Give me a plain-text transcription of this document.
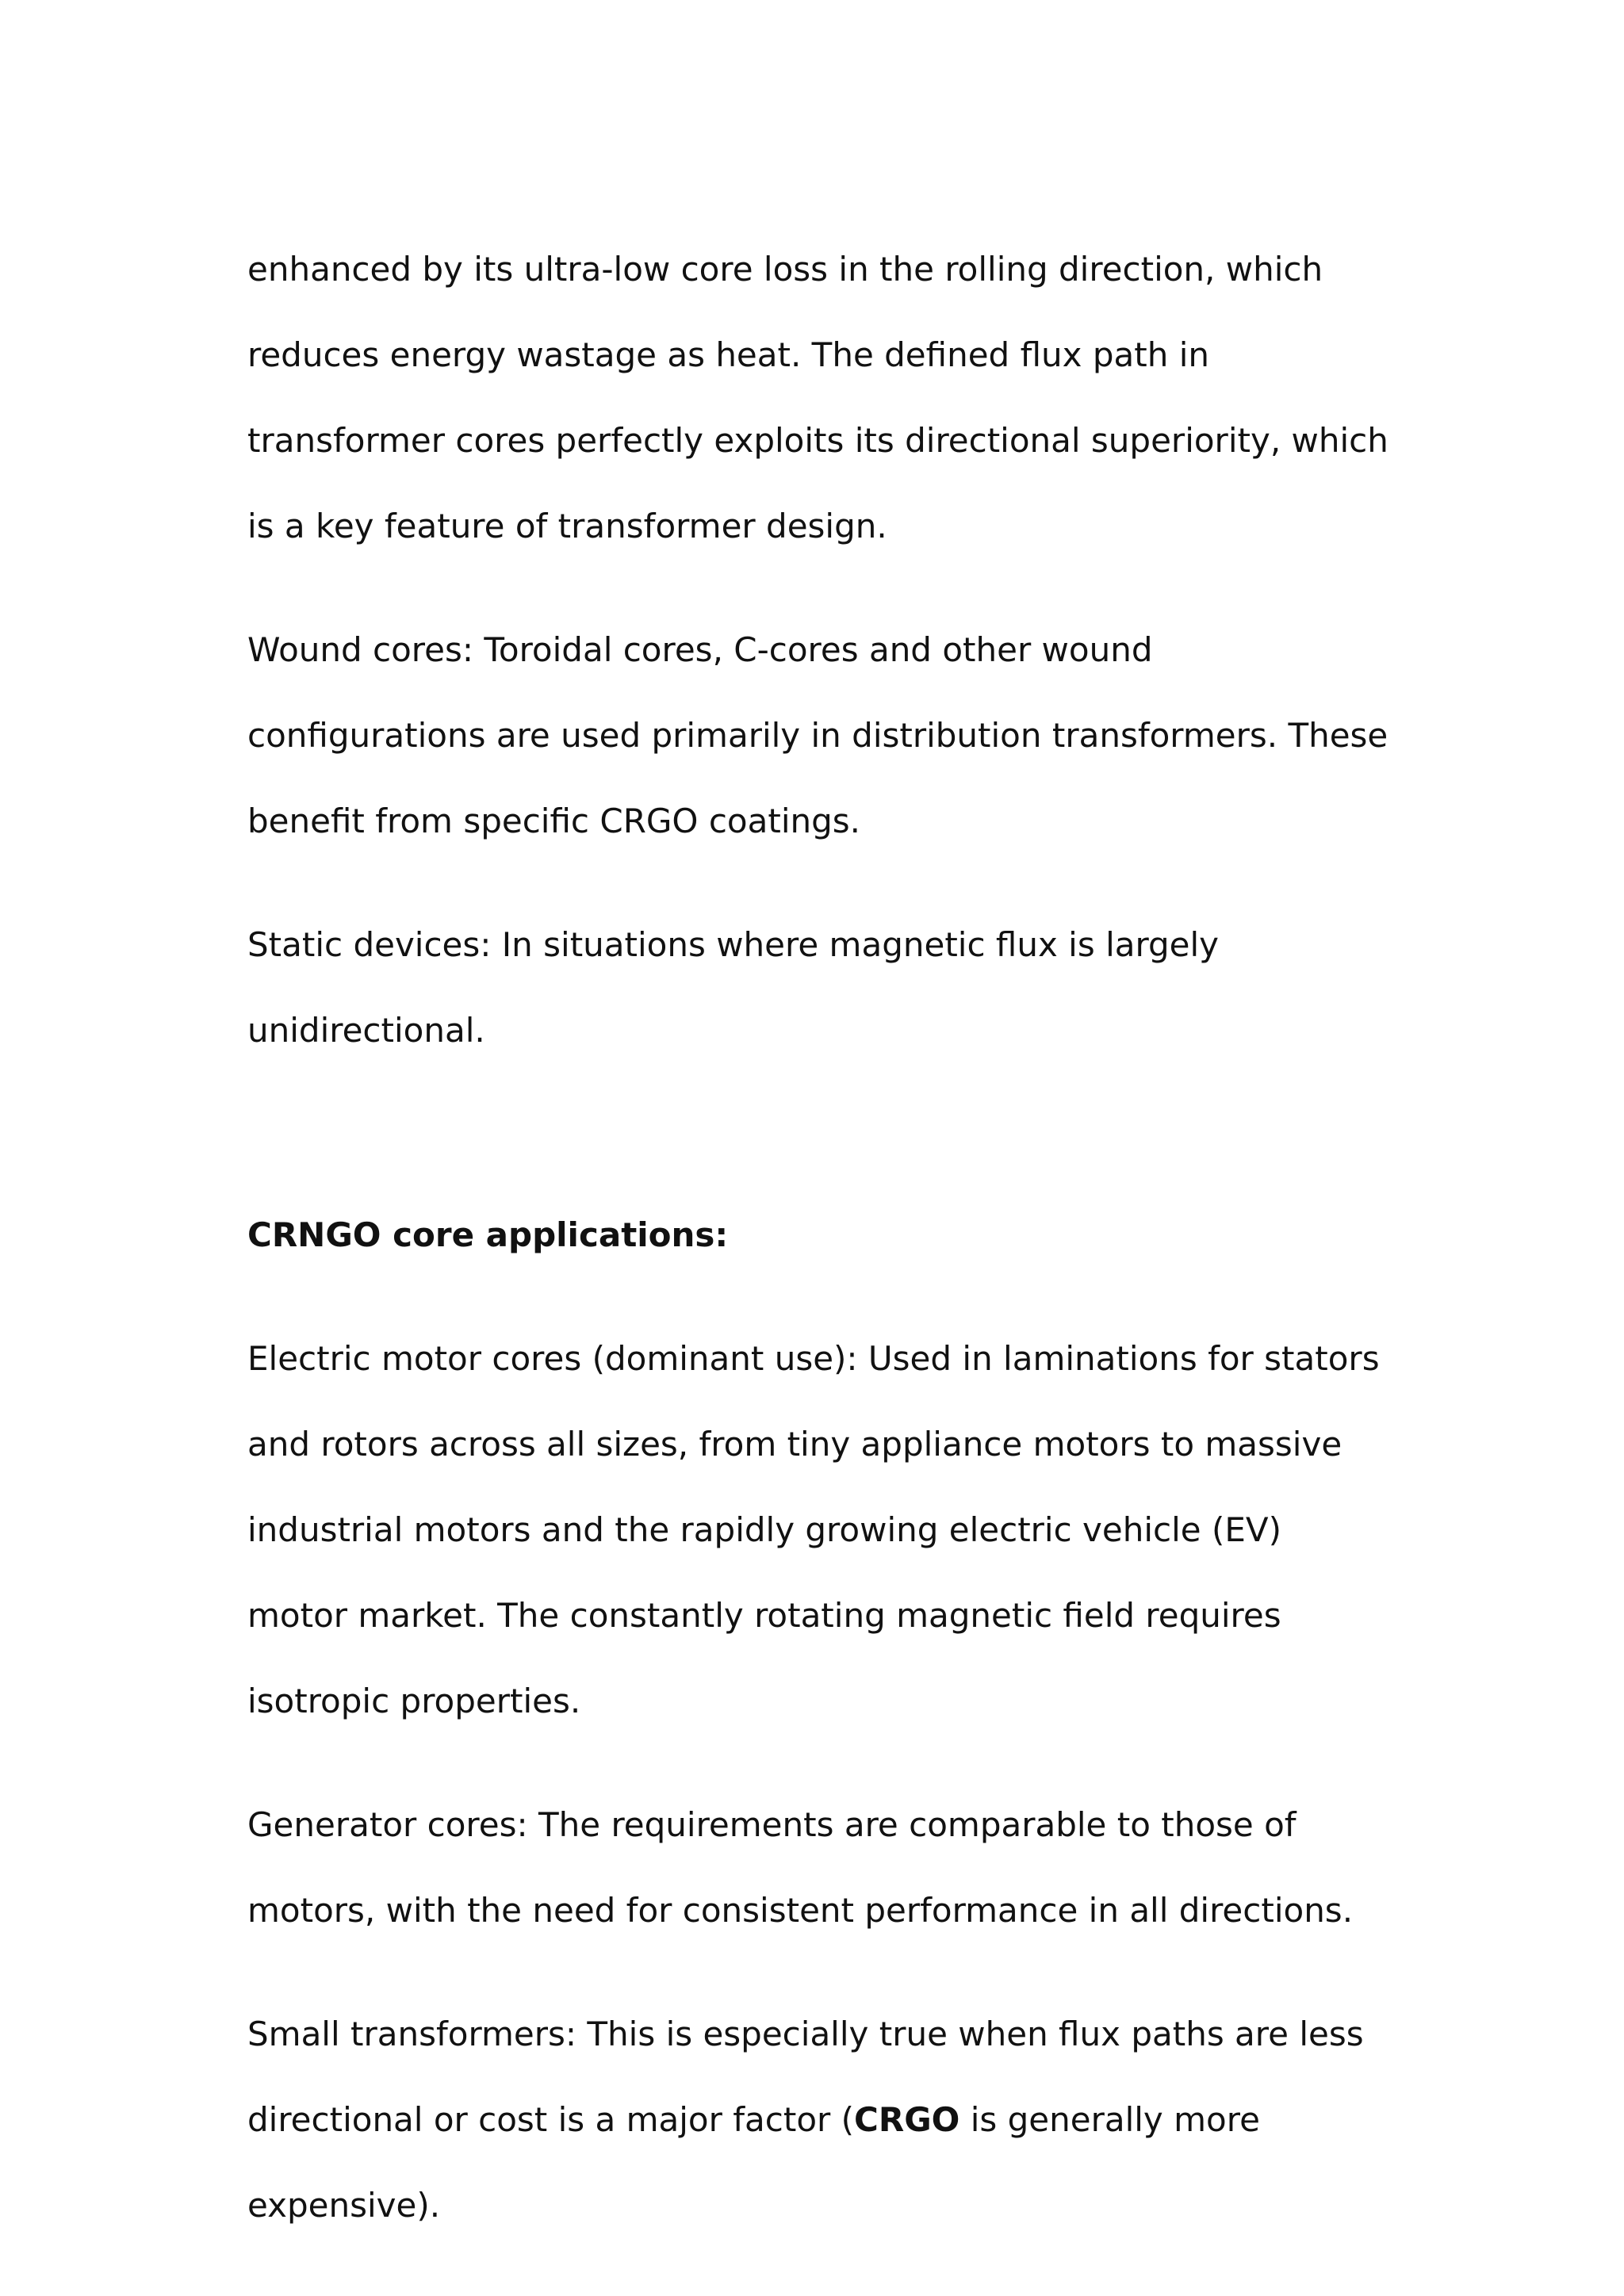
enhanced by its ultra-low core loss in the rolling direction, which reduces energy wastage as heat. The defined flux path in transformer cores perfectly exploits its directional superiority, which is a key feature of transformer design.

Wound cores: Toroidal cores, C-cores and other wound configurations are used primarily in distribution transformers. These benefit from specific CRGO coatings.

Static devices: In situations where magnetic flux is largely unidirectional.

CRNGO core applications:

Electric motor cores (dominant use): Used in laminations for stators and rotors across all sizes, from tiny appliance motors to massive industrial motors and the rapidly growing electric vehicle (EV) motor market. The constantly rotating magnetic field requires isotropic properties.

Generator cores: The requirements are comparable to those of motors, with the need for consistent performance in all directions.

Small transformers: This is especially true when flux paths are less directional or cost is a major factor (CRGO is generally more expensive).
